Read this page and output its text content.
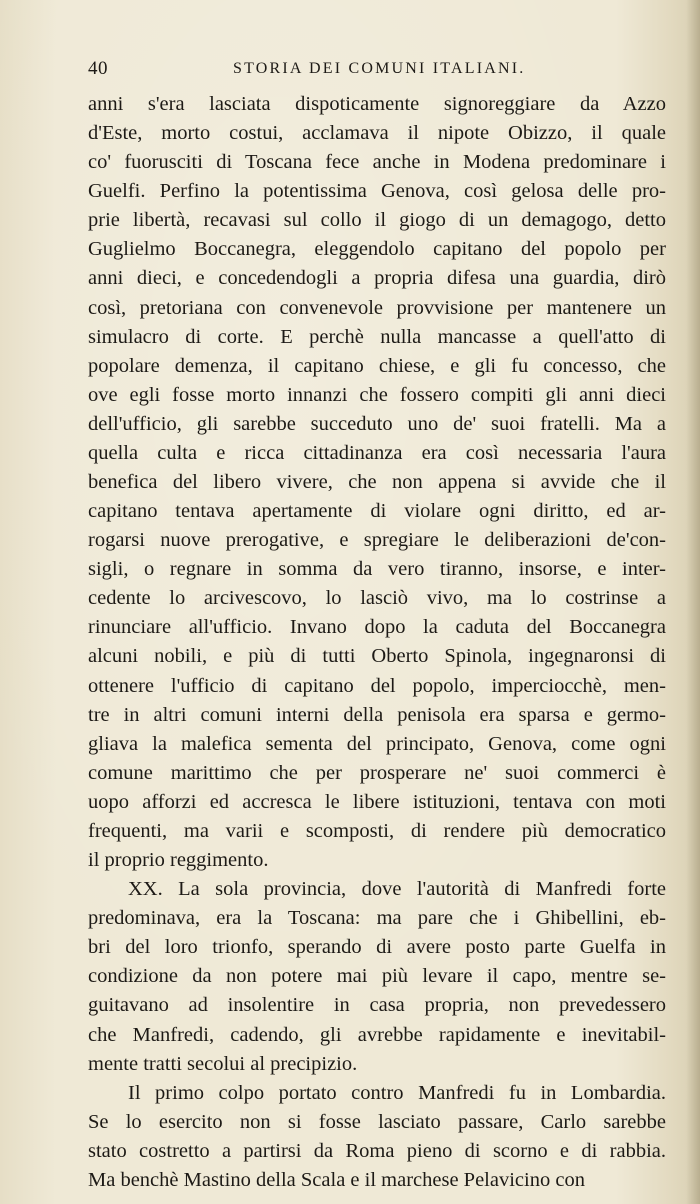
40	STORIA DEI COMUNI ITALIANI.
anni s'era lasciata dispoticamente signoreggiare da Azzo
d'Este, morto costui, acclamava il nipote Obizzo, il quale
co' fuorusciti di Toscana fece anche in Modena predominare i
Guelfi. Perfino la potentissima Genova, così gelosa delle pro-
prie libertà, recavasi sul collo il giogo di un demagogo, detto
Guglielmo Boccanegra, eleggendolo capitano del popolo per
anni dieci, e concedendogli a propria difesa una guardia, dirò
così, pretoriana con convenevole provvisione per mantenere un
simulacro di corte. E perchè nulla mancasse a quell'atto di
popolare demenza, il capitano chiese, e gli fu concesso, che
ove egli fosse morto innanzi che fossero compiti gli anni dieci
dell'ufficio, gli sarebbe succeduto uno de' suoi fratelli. Ma a
quella culta e ricca cittadinanza era così necessaria l'aura
benefica del libero vivere, che non appena si avvide che il
capitano tentava apertamente di violare ogni diritto, ed ar-
rogarsi nuove prerogative, e spregiare le deliberazioni de'con-
sigli, o regnare in somma da vero tiranno, insorse, e inter-
cedente lo arcivescovo, lo lasciò vivo, ma lo costrinse a
rinunciare all'ufficio. Invano dopo la caduta del Boccanegra
alcuni nobili, e più di tutti Oberto Spinola, ingegnaronsi di
ottenere l'ufficio di capitano del popolo, imperciocchè, men-
tre in altri comuni interni della penisola era sparsa e germo-
gliava la malefica sementa del principato, Genova, come ogni
comune marittimo che per prosperare ne' suoi commerci è
uopo afforzi ed accresca le libere istituzioni, tentava con moti
frequenti, ma varii e scomposti, di rendere più democratico
il proprio reggimento.
XX. La sola provincia, dove l'autorità di Manfredi forte
predominava, era la Toscana: ma pare che i Ghibellini, eb-
bri del loro trionfo, sperando di avere posto parte Guelfa in
condizione da non potere mai più levare il capo, mentre se-
guitavano ad insolentire in casa propria, non prevedessero
che Manfredi, cadendo, gli avrebbe rapidamente e inevitabil-
mente tratti secolui al precipizio.
Il primo colpo portato contro Manfredi fu in Lombardia.
Se lo esercito non si fosse lasciato passare, Carlo sarebbe
stato costretto a partirsi da Roma pieno di scorno e di rabbia.
Ma benchè Mastino della Scala e il marchese Pelavicino con
